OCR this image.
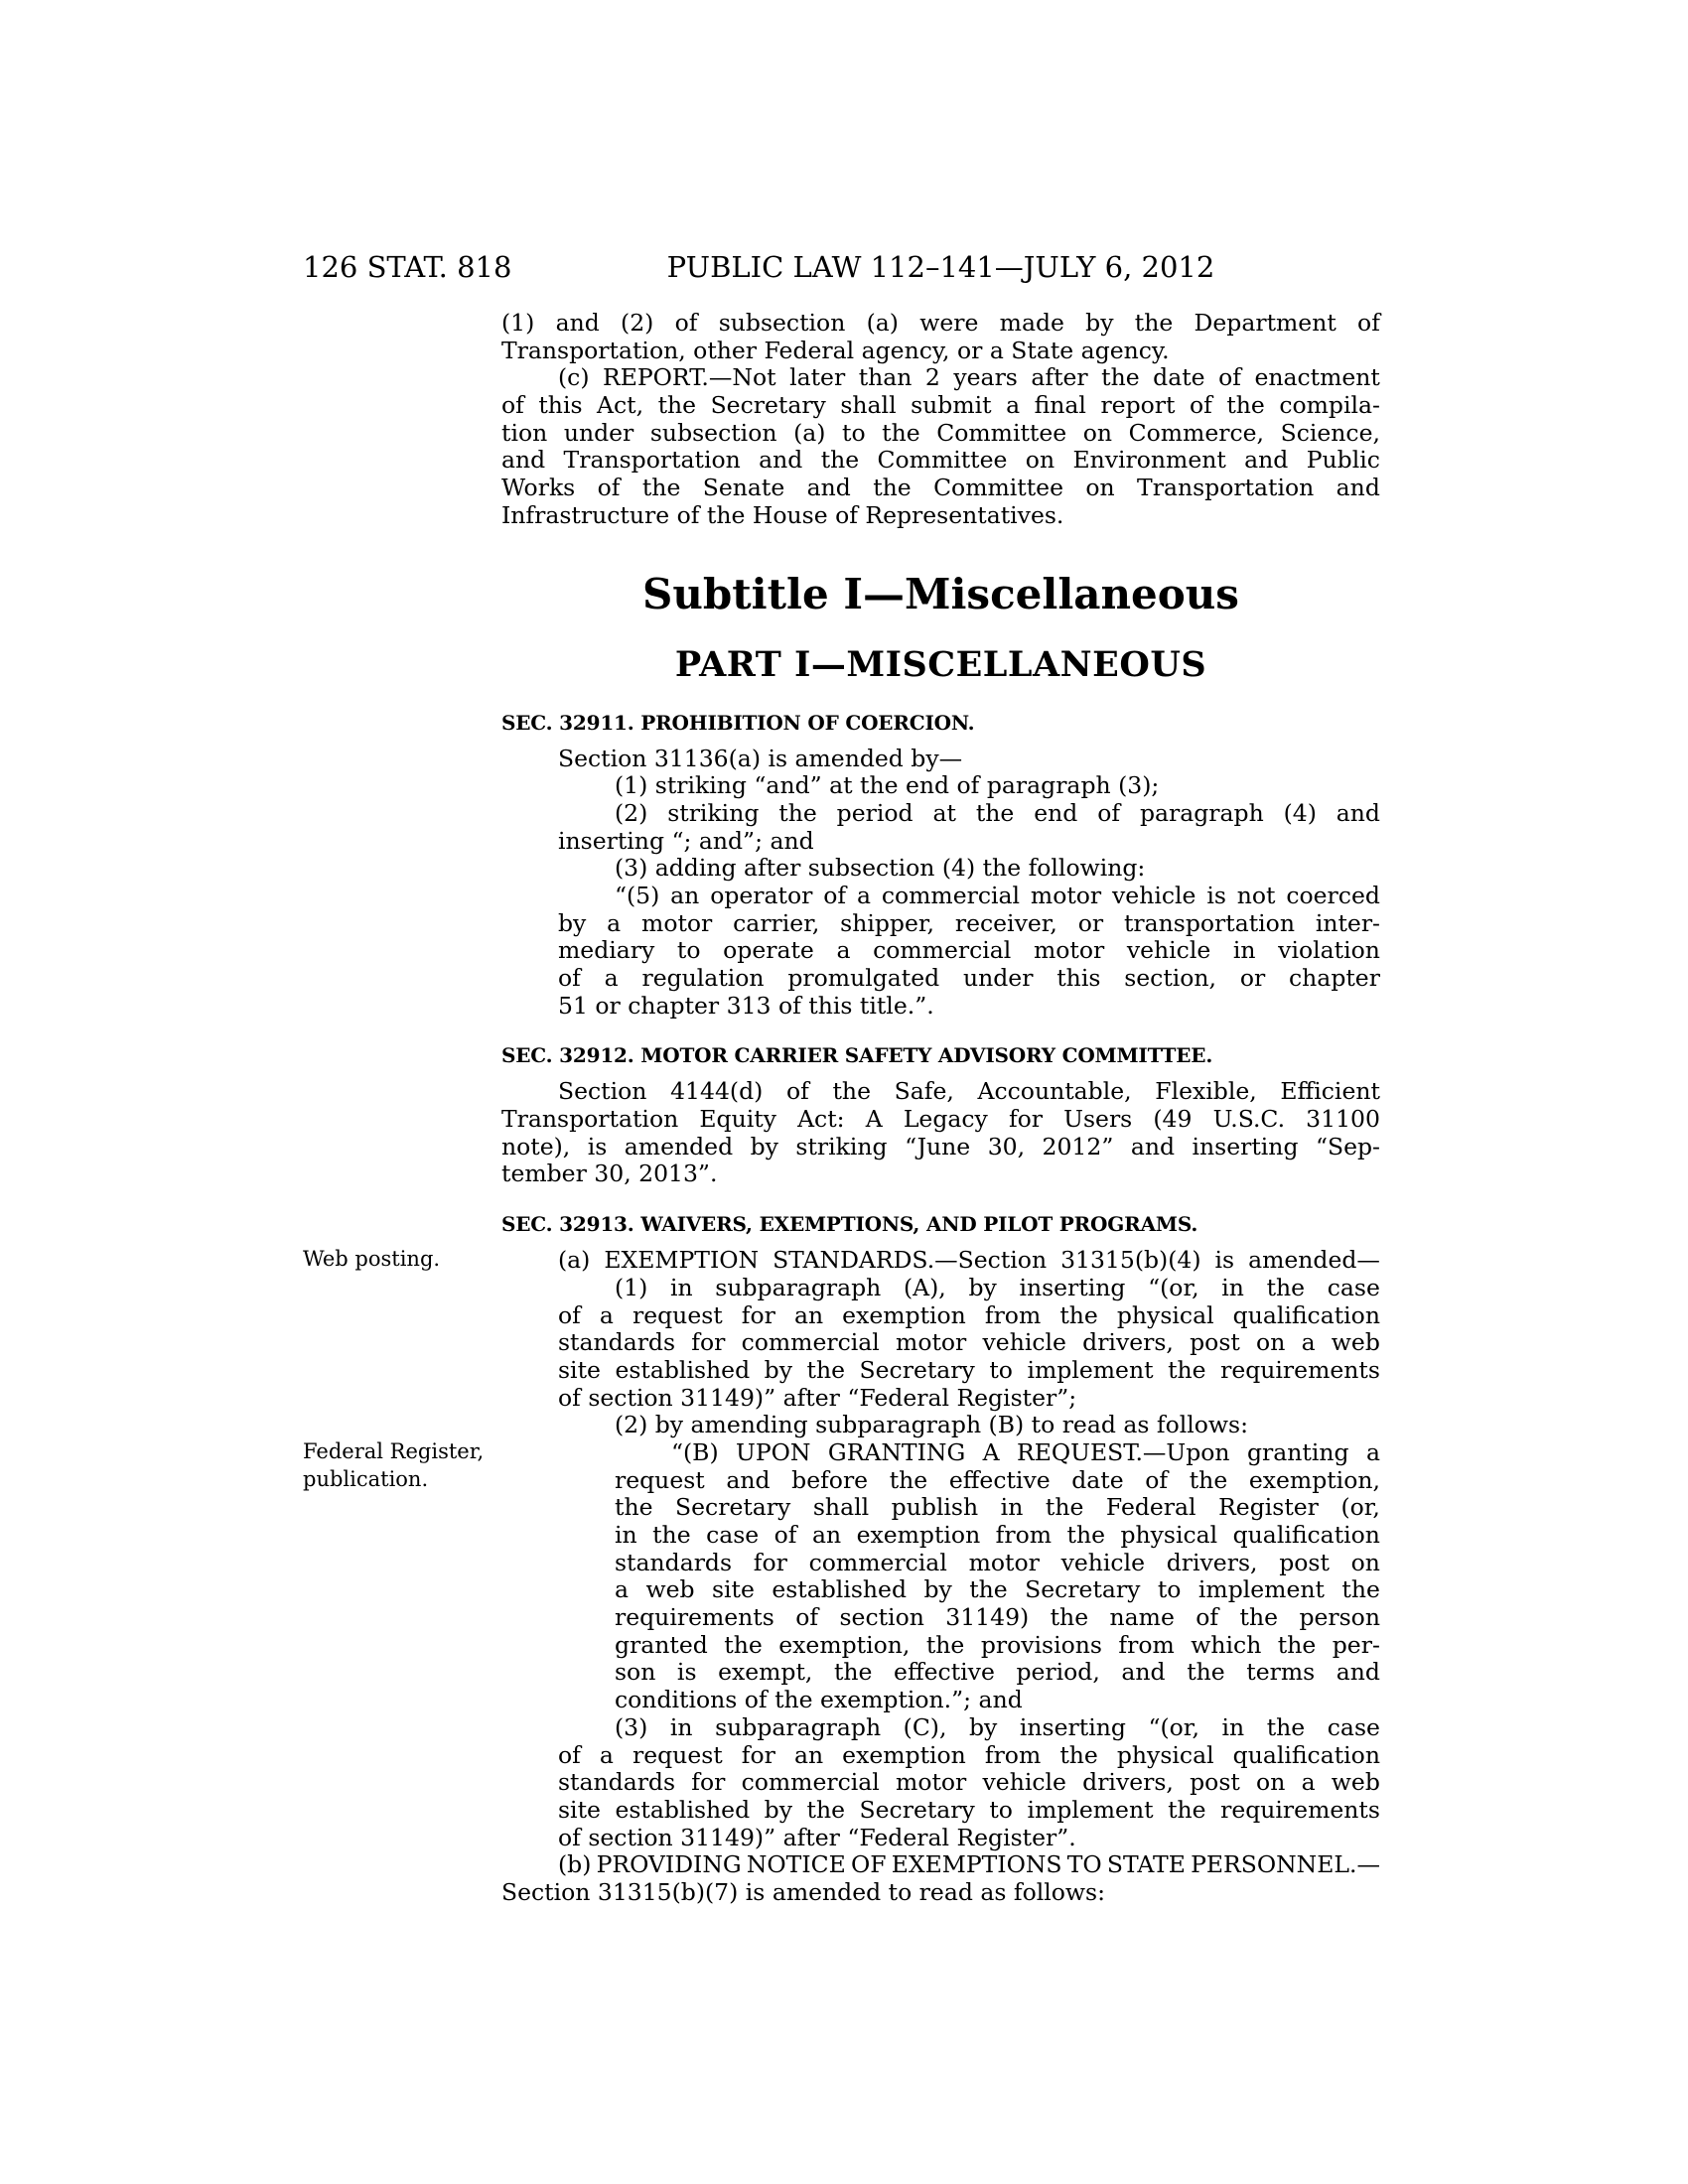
126 STAT. 818	PUBLIC LAW 112–141—JULY 6, 2012
(1) and (2) of subsection (a) were made by the Department of
Transportation, other Federal agency, or a State agency.
(c) REPORT.—Not later than 2 years after the date of enactment
of this Act, the Secretary shall submit a final report of the compila-
tion under subsection (a) to the Committee on Commerce, Science,
and Transportation and the Committee on Environment and Public
Works of the Senate and the Committee on Transportation and
Infrastructure of the House of Representatives.
Subtitle I—Miscellaneous
PART I—MISCELLANEOUS
SEC. 32911. PROHIBITION OF COERCION.
Section 31136(a) is amended by—
(1) striking “and” at the end of paragraph (3);
(2) striking the period at the end of paragraph (4) and
inserting “; and”; and
(3) adding after subsection (4) the following:
“(5) an operator of a commercial motor vehicle is not coerced
by a motor carrier, shipper, receiver, or transportation inter-
mediary to operate a commercial motor vehicle in violation
of a regulation promulgated under this section, or chapter
51 or chapter 313 of this title.”.
SEC. 32912. MOTOR CARRIER SAFETY ADVISORY COMMITTEE.
Section 4144(d) of the Safe, Accountable, Flexible, Efficient
Transportation Equity Act: A Legacy for Users (49 U.S.C. 31100
note), is amended by striking “June 30, 2012” and inserting “Sep-
tember 30, 2013”.
SEC. 32913. WAIVERS, EXEMPTIONS, AND PILOT PROGRAMS.
(a) EXEMPTION STANDARDS.—Section 31315(b)(4) is amended—
(1) in subparagraph (A), by inserting “(or, in the case
of a request for an exemption from the physical qualification
standards for commercial motor vehicle drivers, post on a web
site established by the Secretary to implement the requirements
of section 31149)” after “Federal Register”;
(2) by amending subparagraph (B) to read as follows:
“(B) UPON GRANTING A REQUEST.—Upon granting a
request and before the effective date of the exemption,
the Secretary shall publish in the Federal Register (or,
in the case of an exemption from the physical qualification
standards for commercial motor vehicle drivers, post on
a web site established by the Secretary to implement the
requirements of section 31149) the name of the person
granted the exemption, the provisions from which the per-
son is exempt, the effective period, and the terms and
conditions of the exemption.”; and
(3) in subparagraph (C), by inserting “(or, in the case
of a request for an exemption from the physical qualification
standards for commercial motor vehicle drivers, post on a web
site established by the Secretary to implement the requirements
of section 31149)” after “Federal Register”.
(b) PROVIDING NOTICE OF EXEMPTIONS TO STATE PERSONNEL.—
Section 31315(b)(7) is amended to read as follows:
Web posting.
Federal Register,
publication.
